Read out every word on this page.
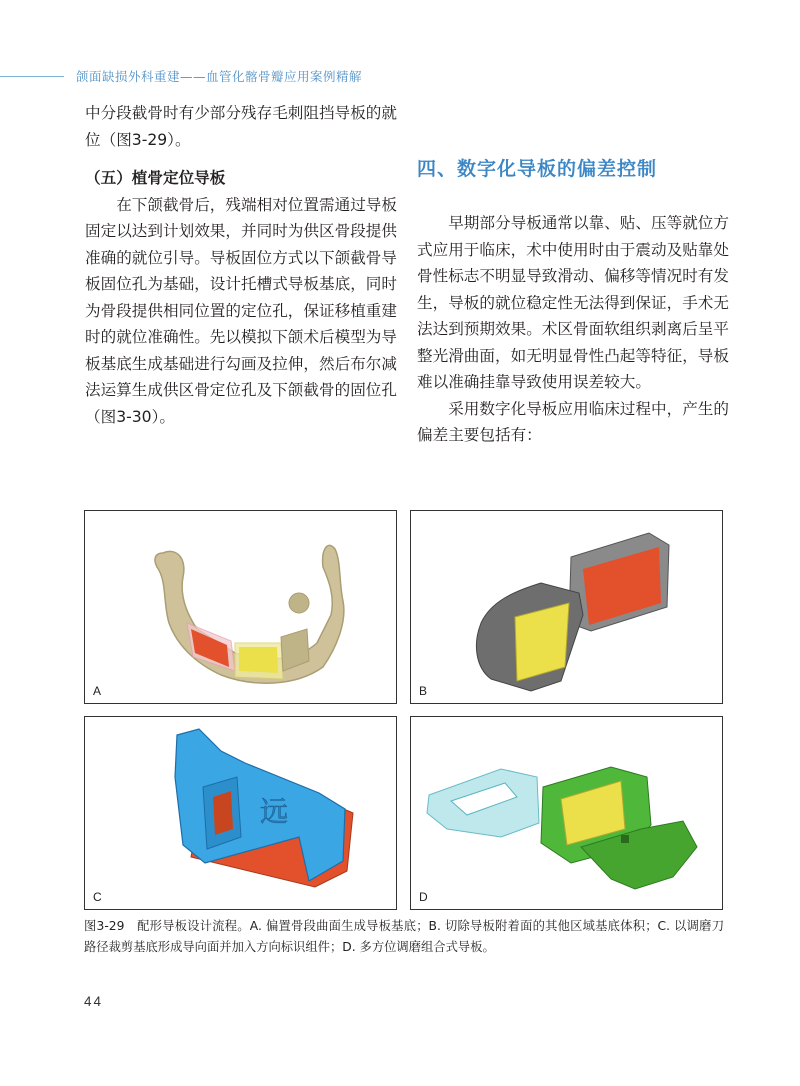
颌面缺损外科重建——血管化髂骨瓣应用案例精解

中分段截骨时有少部分残存毛刺阻挡导板的就位（图3-29）。

（五）植骨定位导板

在下颌截骨后，残端相对位置需通过导板固定以达到计划效果，并同时为供区骨段提供准确的就位引导。导板固位方式以下颌截骨导板固位孔为基础，设计托槽式导板基底，同时为骨段提供相同位置的定位孔，保证移植重建时的就位准确性。先以模拟下颌术后模型为导板基底生成基础进行勾画及拉伸，然后布尔减法运算生成供区骨定位孔及下颌截骨的固位孔（图3-30）。

四、数字化导板的偏差控制

早期部分导板通常以靠、贴、压等就位方式应用于临床，术中使用时由于震动及贴靠处骨性标志不明显导致滑动、偏移等情况时有发生，导板的就位稳定性无法得到保证，手术无法达到预期效果。术区骨面软组织剥离后呈平整光滑曲面，如无明显骨性凸起等特征，导板难以准确挂靠导致使用误差较大。

采用数字化导板应用临床过程中，产生的偏差主要包括有：

A	B
远
C	D
图3-29　配形导板设计流程。A. 偏置骨段曲面生成导板基底；B. 切除导板附着面的其他区域基底体积；C. 以调磨刀路径裁剪基底形成导向面并加入方向标识组件；D. 多方位调磨组合式导板。
44
